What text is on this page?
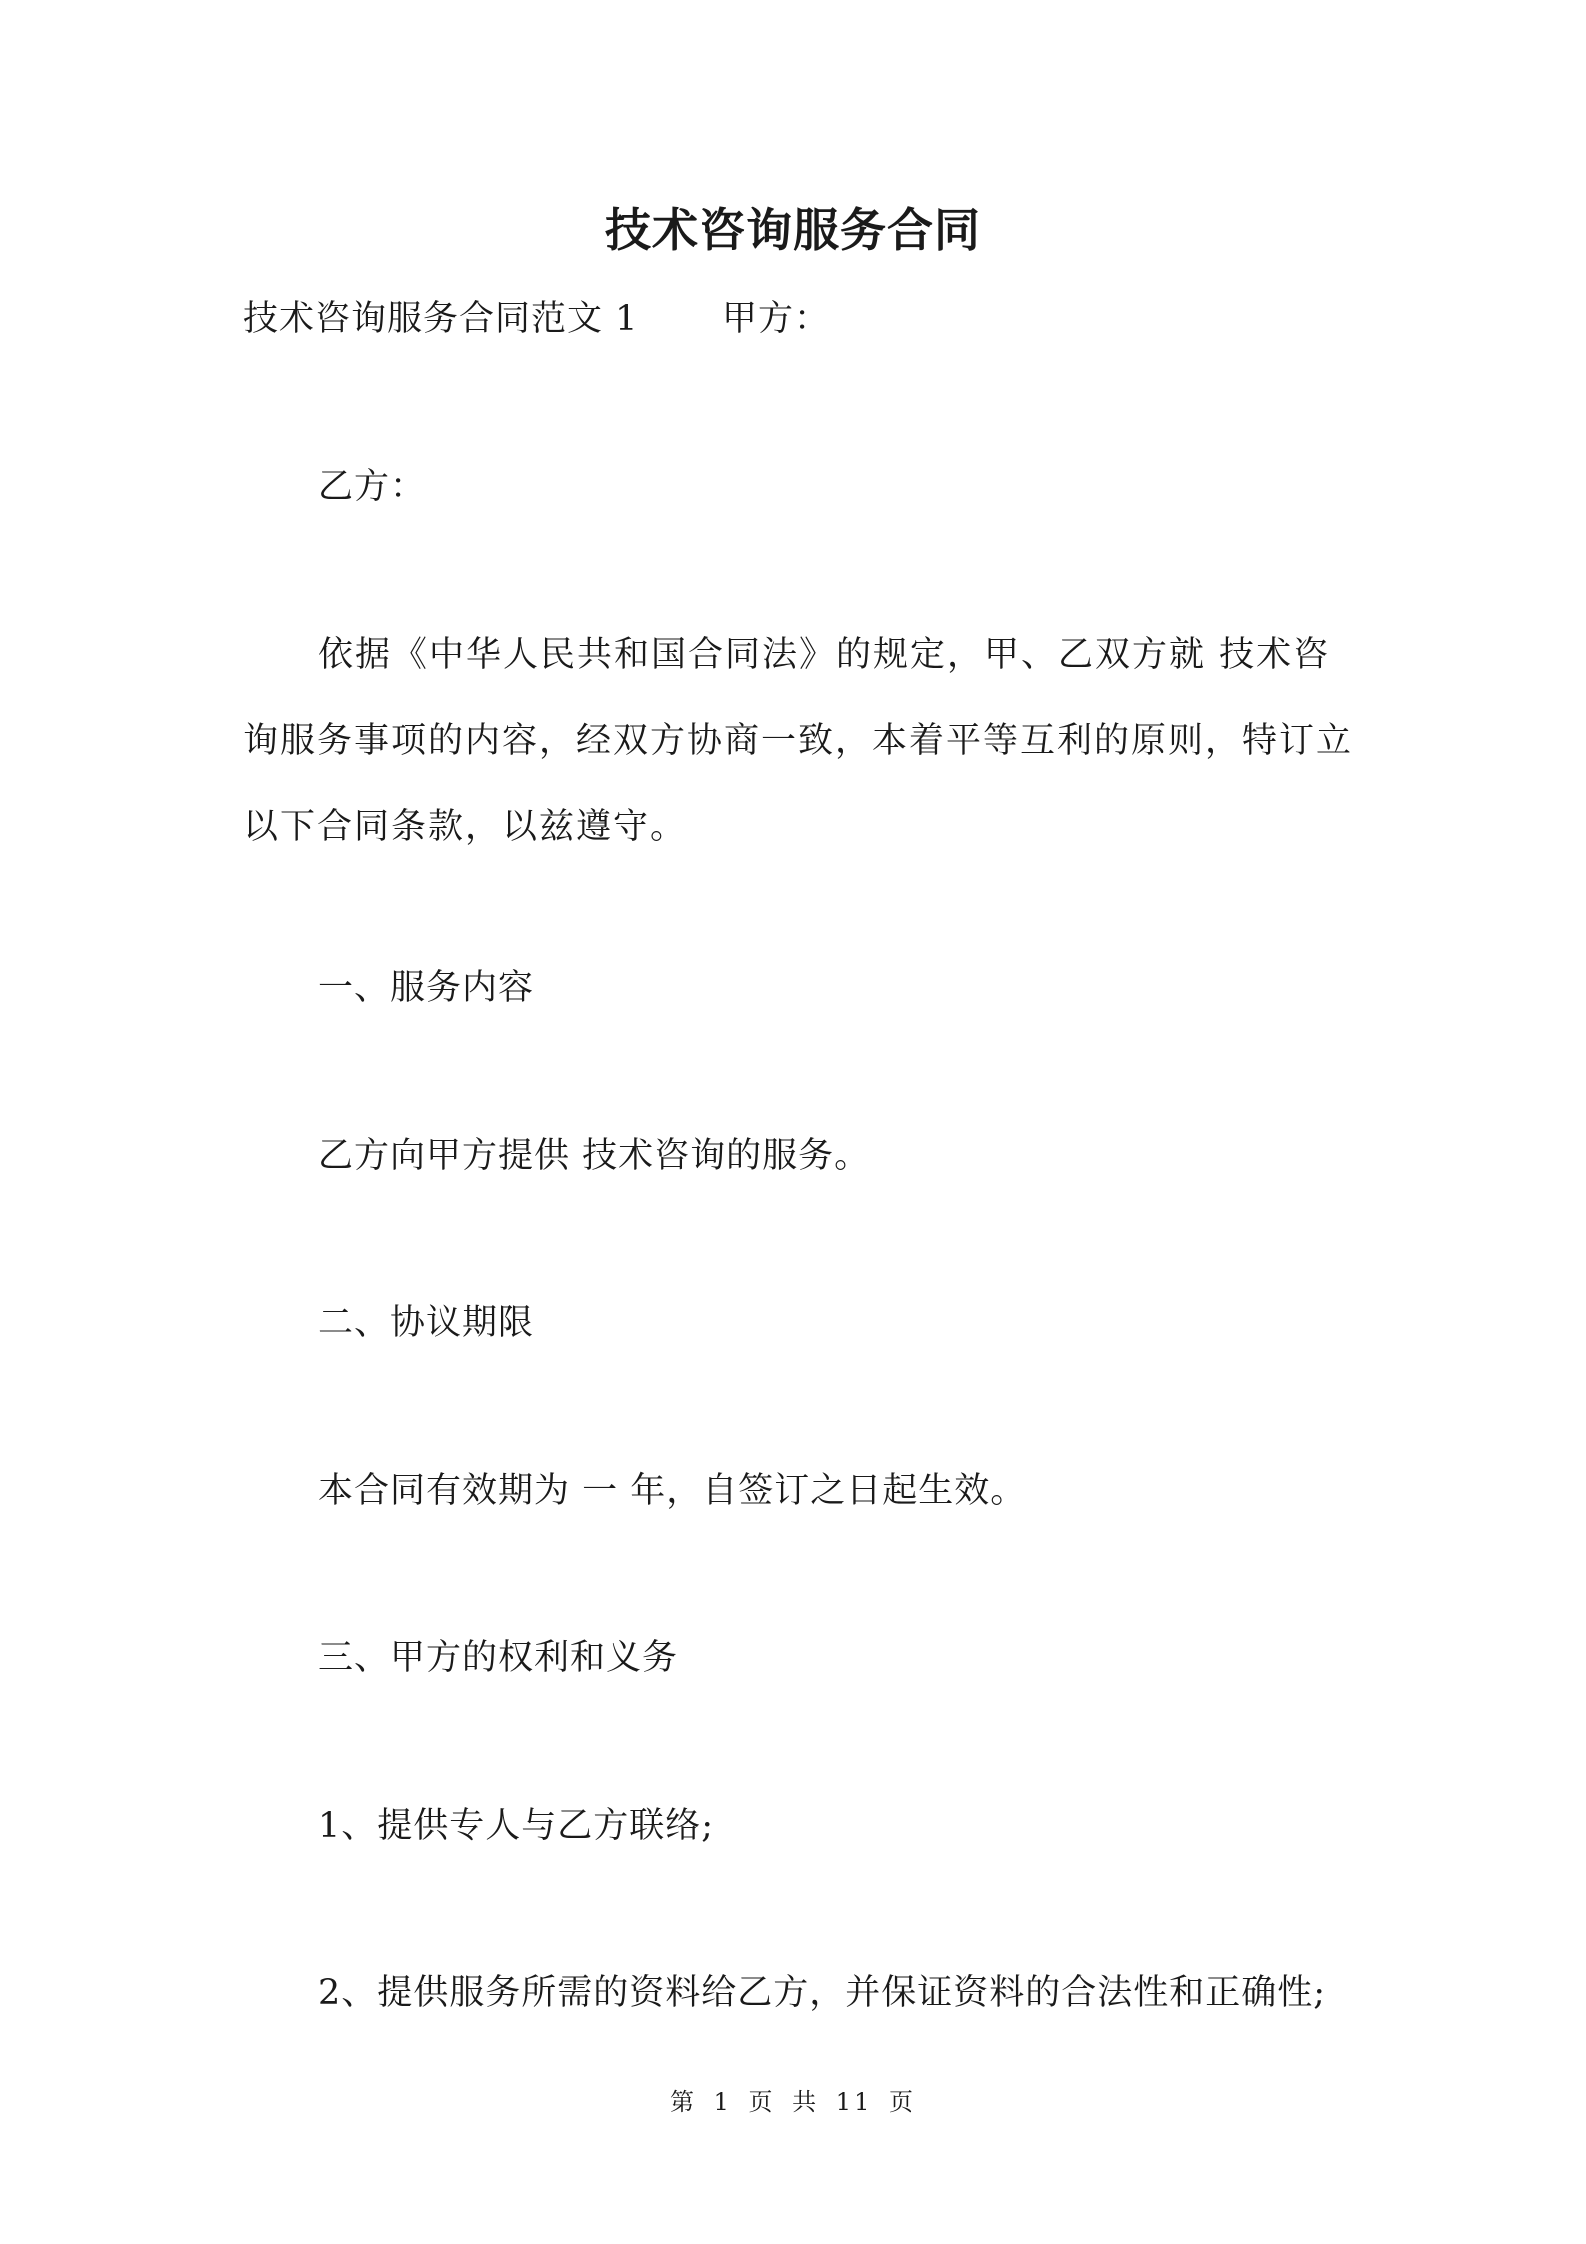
技术咨询服务合同
技术咨询服务合同范文 1 甲方：
乙方：
依据《中华人民共和国合同法》的规定，甲、乙双方就 技术咨询服务事项的内容，经双方协商一致，本着平等互利的原则，特订立以下合同条款，以兹遵守。
一、服务内容
乙方向甲方提供 技术咨询的服务。
二、协议期限
本合同有效期为 一 年，自签订之日起生效。
三、甲方的权利和义务
1、提供专人与乙方联络;
2、提供服务所需的资料给乙方，并保证资料的合法性和正确性;
第 1 页 共 11 页
